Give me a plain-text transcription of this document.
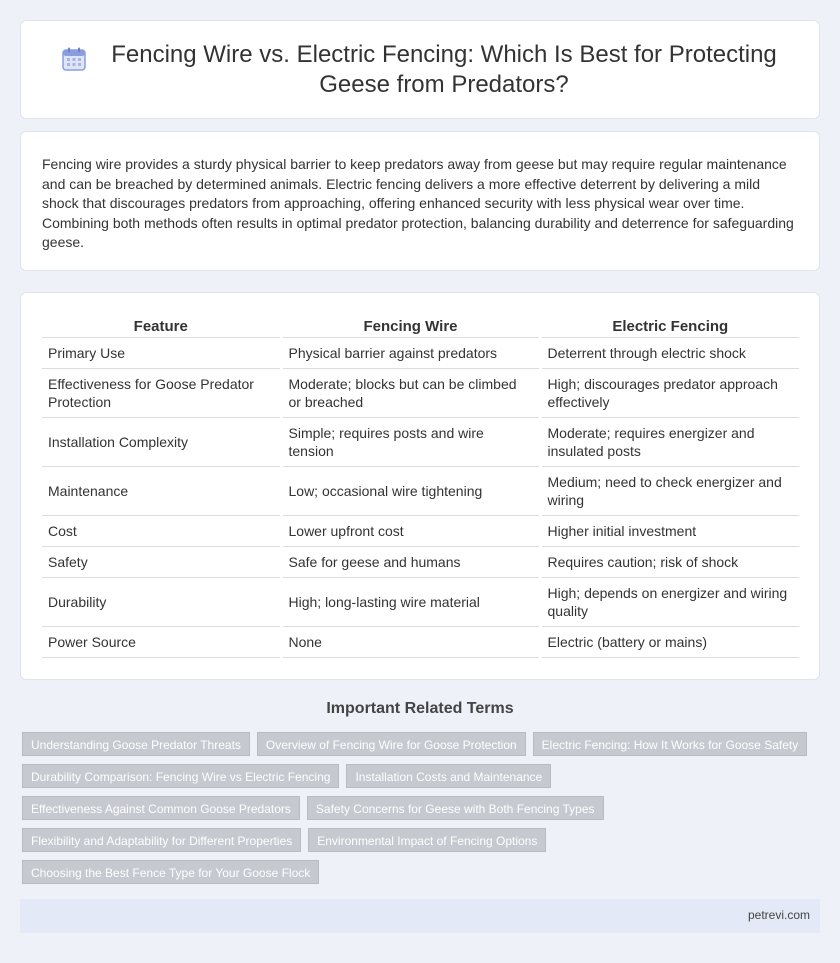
Fencing Wire vs. Electric Fencing: Which Is Best for Protecting Geese from Predators?

Fencing wire provides a sturdy physical barrier to keep predators away from geese but may require regular maintenance and can be breached by determined animals. Electric fencing delivers a more effective deterrent by delivering a mild shock that discourages predators from approaching, offering enhanced security with less physical wear over time. Combining both methods often results in optimal predator protection, balancing durability and deterrence for safeguarding geese.

Feature	Fencing Wire	Electric Fencing
Primary Use	Physical barrier against predators	Deterrent through electric shock
Effectiveness for Goose Predator Protection	Moderate; blocks but can be climbed or breached	High; discourages predator approach effectively
Installation Complexity	Simple; requires posts and wire tension	Moderate; requires energizer and insulated posts
Maintenance	Low; occasional wire tightening	Medium; need to check energizer and wiring
Cost	Lower upfront cost	Higher initial investment
Safety	Safe for geese and humans	Requires caution; risk of shock
Durability	High; long-lasting wire material	High; depends on energizer and wiring quality
Power Source	None	Electric (battery or mains)
Important Related Terms
Understanding Goose Predator Threats	Overview of Fencing Wire for Goose Protection	Electric Fencing: How It Works for Goose Safety
Durability Comparison: Fencing Wire vs Electric Fencing	Installation Costs and Maintenance
Effectiveness Against Common Goose Predators	Safety Concerns for Geese with Both Fencing Types
Flexibility and Adaptability for Different Properties	Environmental Impact of Fencing Options
Choosing the Best Fence Type for Your Goose Flock
petrevi.com
